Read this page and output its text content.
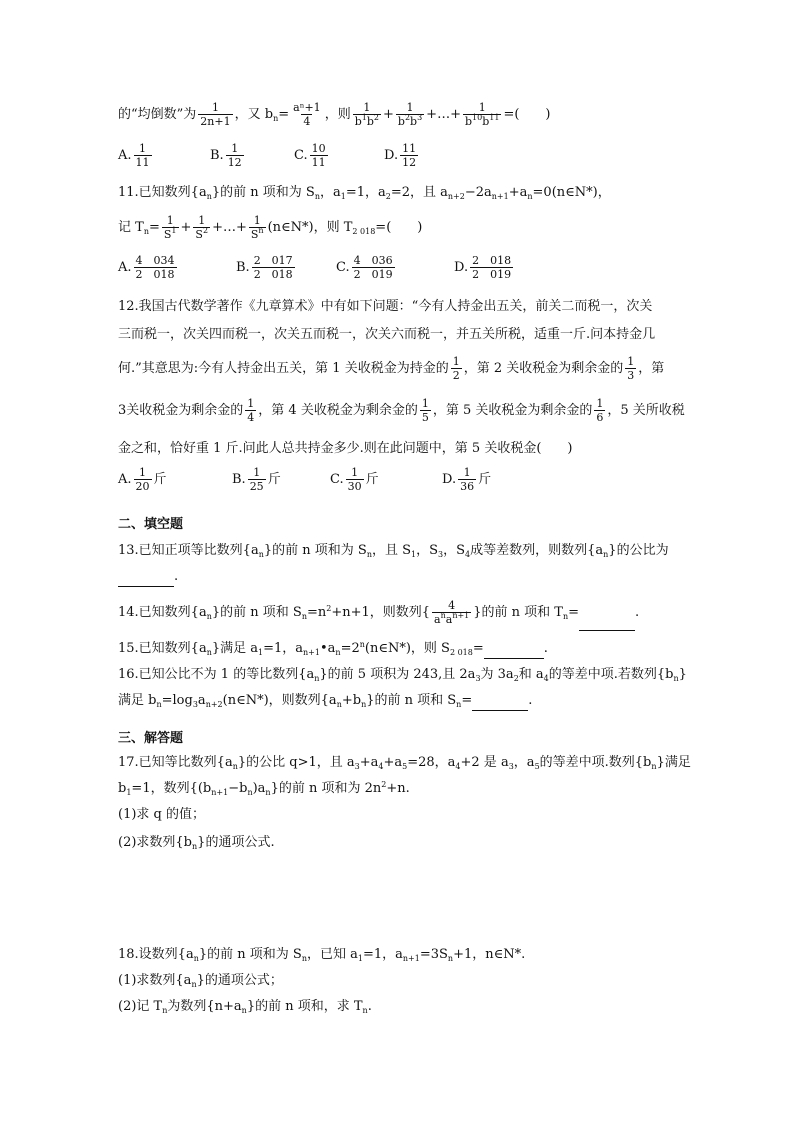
的“均倒数”为 $\frac{1}{2n+1}$ ，又 $b_n= \frac{\text{aⁿ+1}}{4}$ ，则 $\frac{1}{b^1b^2} + \frac{1}{b^2b^3}$ +…+ $\frac{1}{b^{10}b^{11}}$ =(　　)
A. $\frac{1}{11}$	B. $\frac{1}{12}$	C. $\frac{10}{11}$	D. $\frac{11}{12}$
11.已知数列$\{a_n\}$的前 n 项和为 $S_n$，$a_1=1$，$a_2=2$，且 $a_{n+2}-2a_{n+1}+a_n=0(n\in N*)$，
记 $T_n= \frac{1}{S^1} + \frac{1}{S^2}$ +…+ $\frac{1}{S^n}$ (n∈N*)，则 $T_{2 018}=$(　　)
A. $\frac{4 034}{2 018}$	B. $\frac{2 017}{2 018}$	C. $\frac{4 036}{2 019}$	D. $\frac{2 018}{2 019}$
12.我国古代数学著作《九章算术》中有如下问题：“今有人持金出五关，前关二而税一，次关
三而税一，次关四而税一，次关五而税一，次关六而税一，并五关所税，适重一斤.问本持金几
何.”其意思为:今有人持金出五关，第 1 关收税金为持金的 $\frac{1}{2}$ ，第 2 关收税金为剩余金的 $\frac{1}{3}$ ，第
3关收税金为剩余金的 $\frac{1}{4}$ ，第 4 关收税金为剩余金的 $\frac{1}{5}$ ，第 5 关收税金为剩余金的 $\frac{1}{6}$ ，5 关所收税
金之和，恰好重 1 斤.问此人总共持金多少.则在此问题中，第 5 关收税金(　　)
A. $\frac{1}{20}$ 斤	B. $\frac{1}{25}$ 斤	C. $\frac{1}{30}$ 斤	D. $\frac{1}{36}$ 斤
二、填空题
13.已知正项等比数列$\{a_n\}$的前 n 项和为 $S_n$，且 $S_1$，$S_3$，$S_4$成等差数列，则数列$\{a_n\}$的公比为
.
14.已知数列$\{a_n\}$的前 n 项和 $S_n=n^2+n+1$，则数列{ $\frac{4}{a^na^{n+1}}$ }的前 n 项和 $T_n=$	.
15.已知数列$\{a_n\}$满足 $a_1=1$，$a_{n+1}•a_n=2^n(n\in N*)$，则 $S_{2 018}=$	.
16.已知公比不为 1 的等比数列$\{a_n\}$的前 5 项积为 243,且 $2a_3$为 $3a_2$和 $a_4$的等差中项.若数列$\{b_n\}$
满足 $b_n=\log_3a_{n+2}(n\in N*)$，则数列$\{a_n+b_n\}$的前 n 项和 $S_n=$	.
三、解答题
17.已知等比数列$\{a_n\}$的公比 q>1，且 $a_3+a_4+a_5=28$，$a_4+2$ 是 $a_3$，$a_5$的等差中项.数列$\{b_n\}$满足
$b_1=1$，数列$\{(b_{n+1}-b_n)a_n\}$的前 n 项和为 $2n^2+n$.
(1)求 q 的值；
(2)求数列$\{b_n\}$的通项公式.
18.设数列$\{a_n\}$的前 n 项和为 $S_n$，已知 $a_1=1$，$a_{n+1}=3S_n+1$，n∈N*.
(1)求数列$\{a_n\}$的通项公式；
(2)记 $T_n$为数列$\{n+a_n\}$的前 n 项和，求 $T_n$.
